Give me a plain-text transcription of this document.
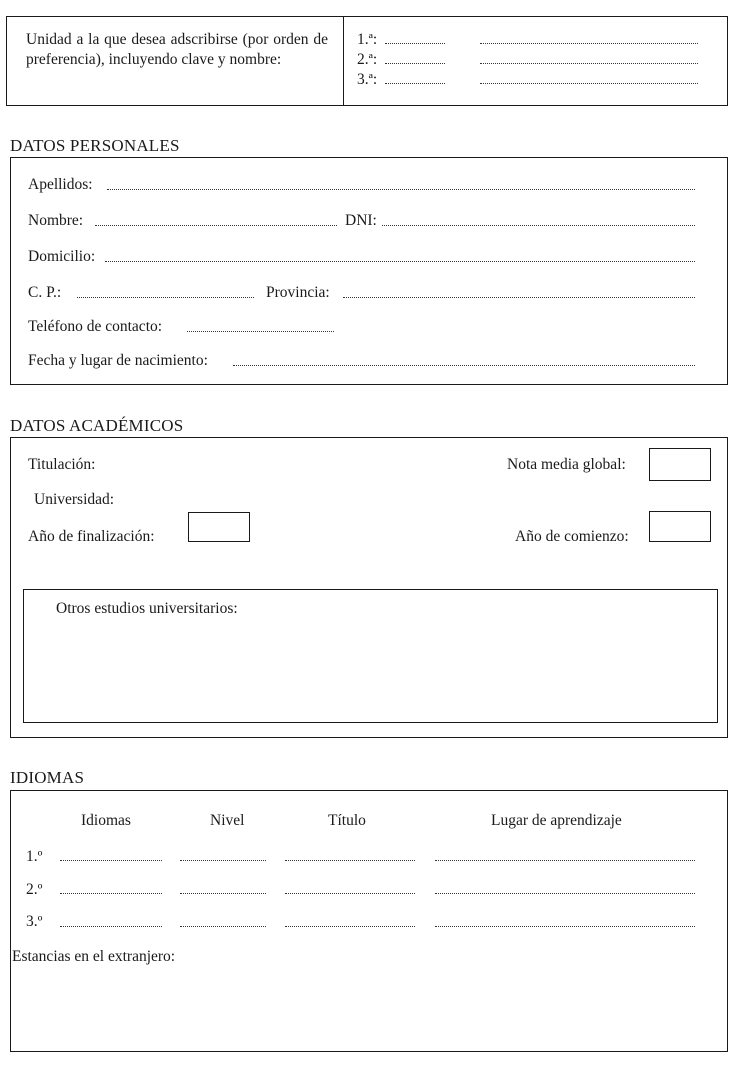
Unidad a la que desea adscribirse (por orden de preferencia), incluyendo clave y nombre:
1.ª:
2.ª:
3.ª:
DATOS PERSONALES
Apellidos:
Nombre:	DNI:
Domicilio:
C. P.:	Provincia:
Teléfono de contacto:
Fecha y lugar de nacimiento:
DATOS ACADÉMICOS
Titulación:	Nota media global:
Universidad:
Año de finalización:	Año de comienzo:
Otros estudios universitarios:
IDIOMAS
Idiomas	Nivel	Título	Lugar de aprendizaje
1.º
2.º
3.º
Estancias en el extranjero:
